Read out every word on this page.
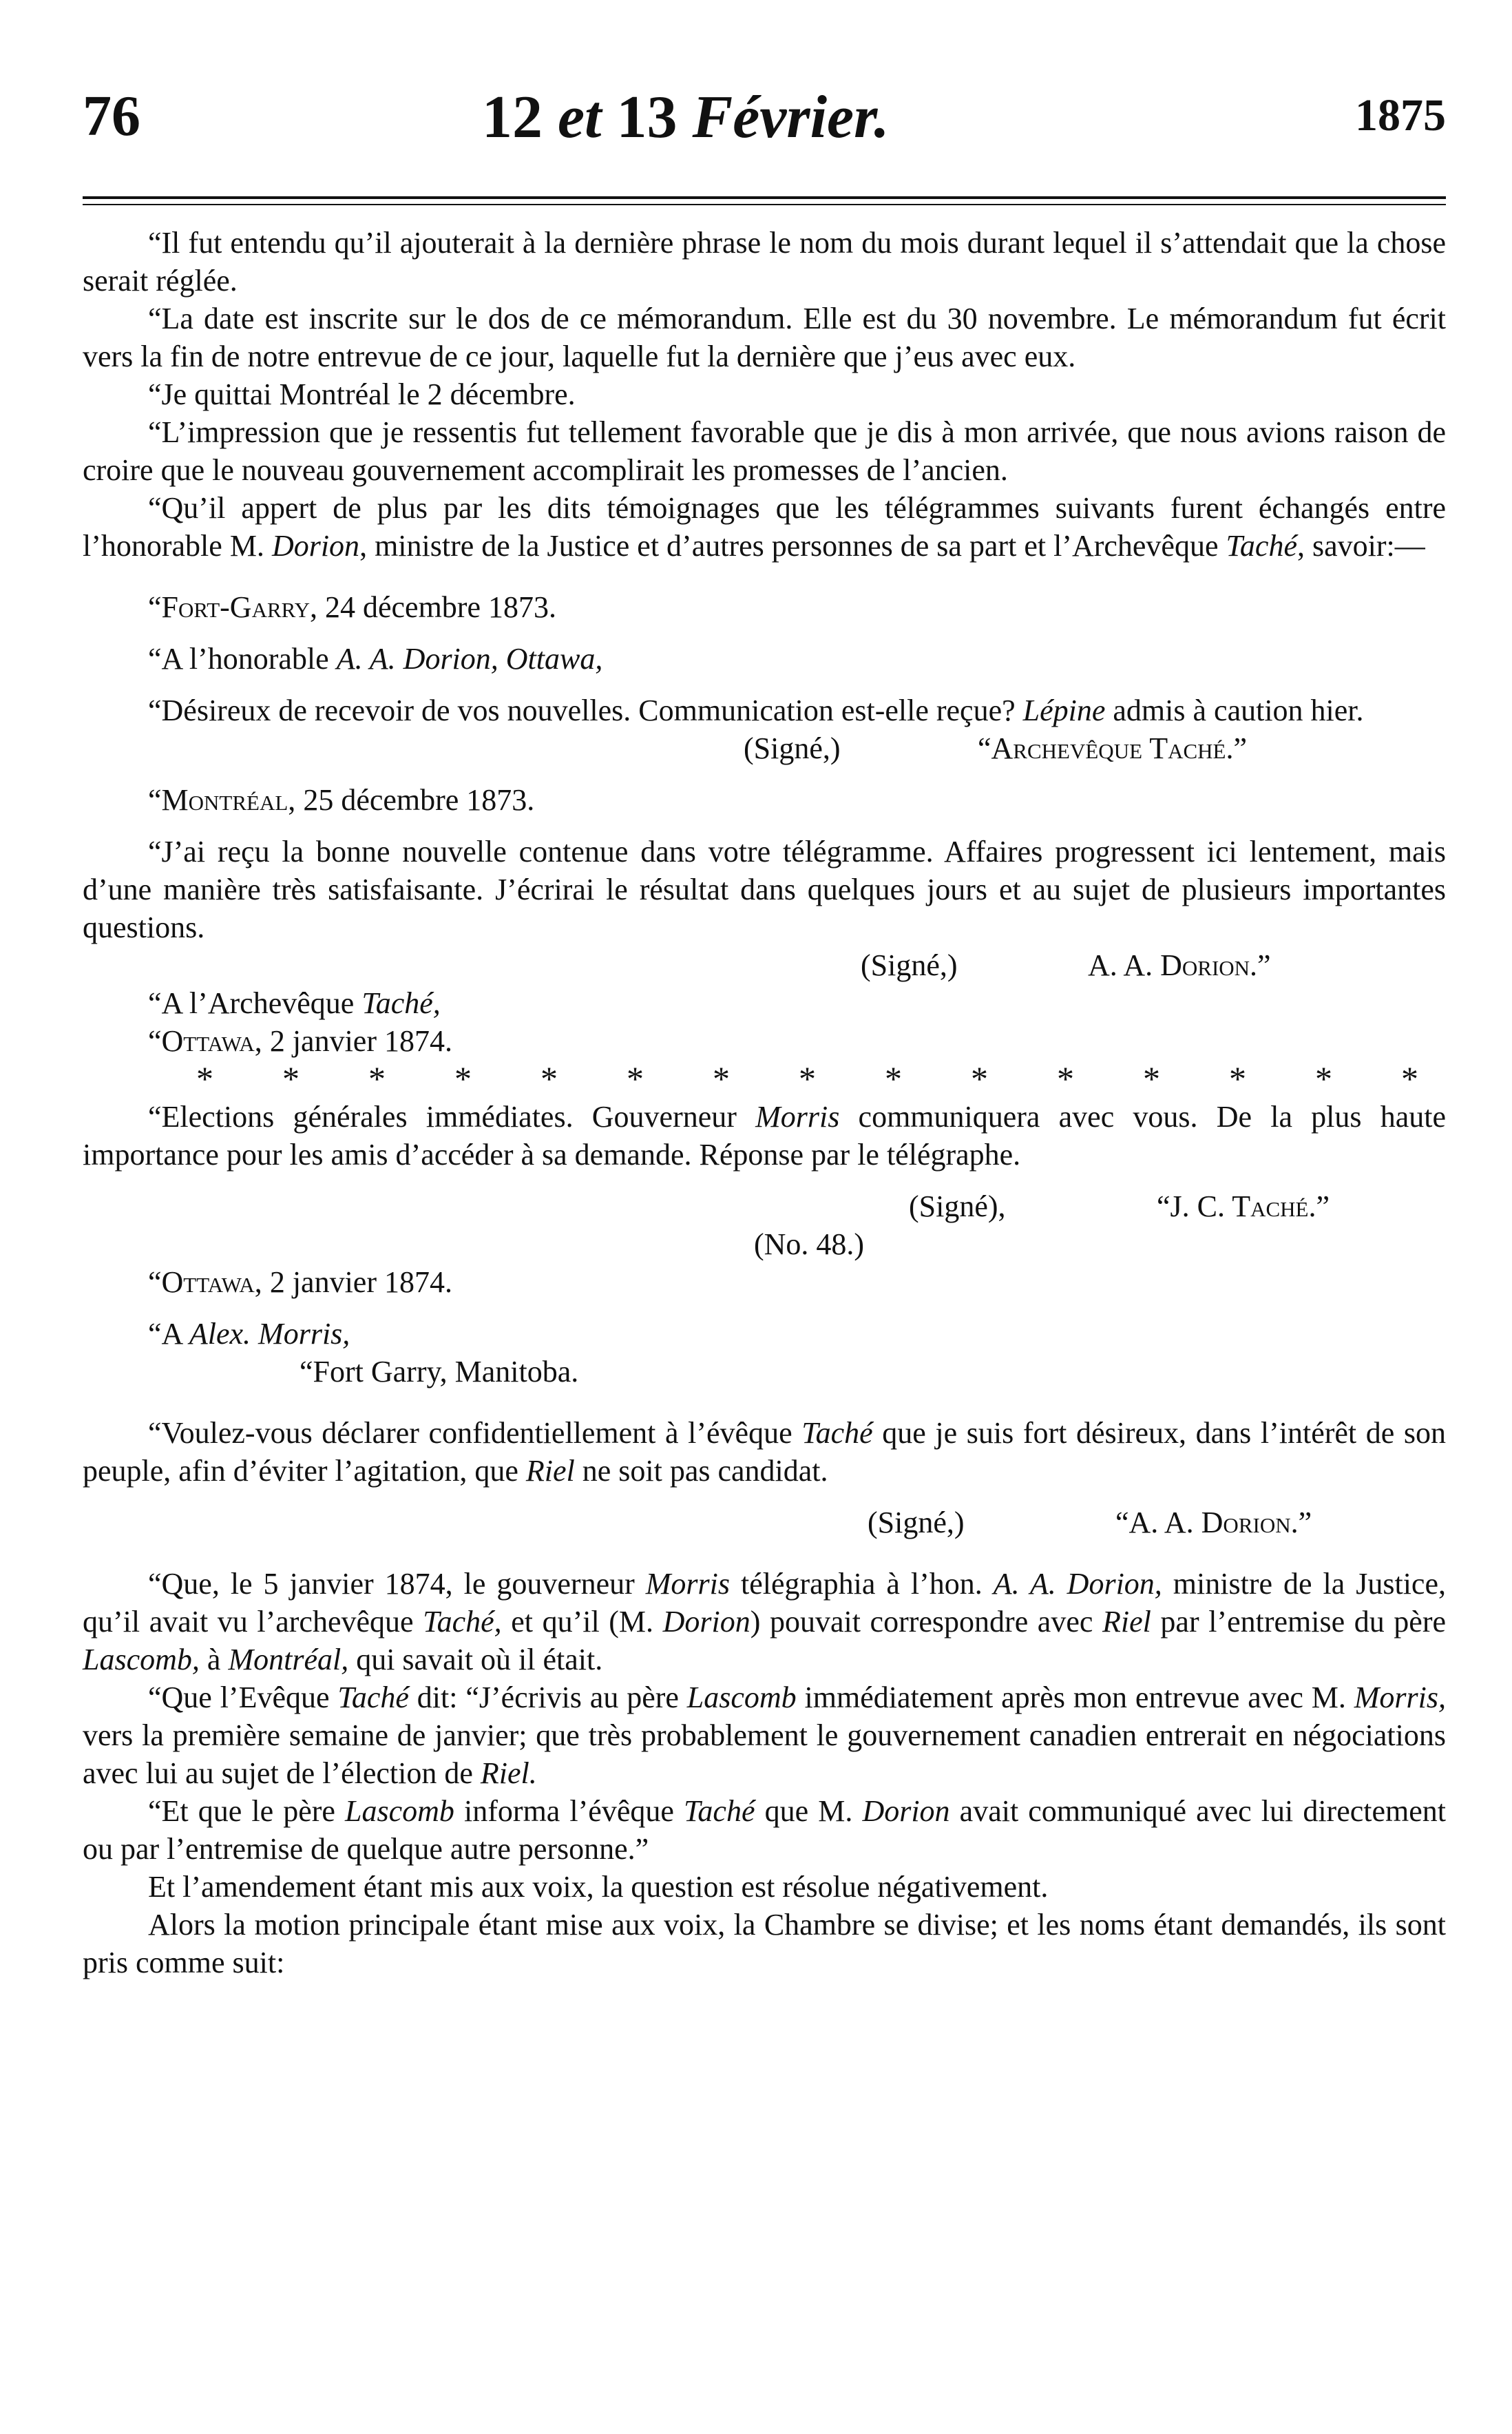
76	12 et 13 Février.	1875

“Il fut entendu qu’il ajouterait à la dernière phrase le nom du mois durant lequel il s’attendait que la chose serait réglée.

“La date est inscrite sur le dos de ce mémorandum. Elle est du 30 novembre. Le mémorandum fut écrit vers la fin de notre entrevue de ce jour, laquelle fut la dernière que j’eus avec eux.

“Je quittai Montréal le 2 décembre.

“L’impression que je ressentis fut tellement favorable que je dis à mon arrivée, que nous avions raison de croire que le nouveau gouvernement accomplirait les promesses de l’ancien.

“Qu’il appert de plus par les dits témoignages que les télégrammes suivants furent échangés entre l’honorable M. Dorion, ministre de la Justice et d’autres personnes de sa part et l’Archevêque Taché, savoir:—

“Fort-Garry, 24 décembre 1873.

“A l’honorable A. A. Dorion, Ottawa,

“Désireux de recevoir de vos nouvelles. Communication est-elle reçue? Lépine admis à caution hier.

(Signé,)	“Archevêque Taché.”

“Montréal, 25 décembre 1873.

“J’ai reçu la bonne nouvelle contenue dans votre télégramme. Affaires progressent ici lentement, mais d’une manière très satisfaisante. J’écrirai le résultat dans quelques jours et au sujet de plusieurs importantes questions.

(Signé,)	A. A. Dorion.”

“A l’Archevêque Taché,

“Ottawa, 2 janvier 1874.

*	*	*	*	*	*	*	*	*	*	*	*	*	*	*

“Elections générales immédiates. Gouverneur Morris communiquera avec vous. De la plus haute importance pour les amis d’accéder à sa demande. Réponse par le télégraphe.

(Signé),	“J. C. Taché.”

(No. 48.)

“Ottawa, 2 janvier 1874.

“A Alex. Morris,

“Fort Garry, Manitoba.

“Voulez-vous déclarer confidentiellement à l’évêque Taché que je suis fort désireux, dans l’intérêt de son peuple, afin d’éviter l’agitation, que Riel ne soit pas candidat.

(Signé,)	“A. A. Dorion.”

“Que, le 5 janvier 1874, le gouverneur Morris télégraphia à l’hon. A. A. Dorion, ministre de la Justice, qu’il avait vu l’archevêque Taché, et qu’il (M. Dorion) pouvait correspondre avec Riel par l’entremise du père Lascomb, à Montréal, qui savait où il était.

“Que l’Evêque Taché dit: “J’écrivis au père Lascomb immédiatement après mon entrevue avec M. Morris, vers la première semaine de janvier; que très probablement le gouvernement canadien entrerait en négociations avec lui au sujet de l’élection de Riel.

“Et que le père Lascomb informa l’évêque Taché que M. Dorion avait communiqué avec lui directement ou par l’entremise de quelque autre personne.”

Et l’amendement étant mis aux voix, la question est résolue négativement.

Alors la motion principale étant mise aux voix, la Chambre se divise; et les noms étant demandés, ils sont pris comme suit:
